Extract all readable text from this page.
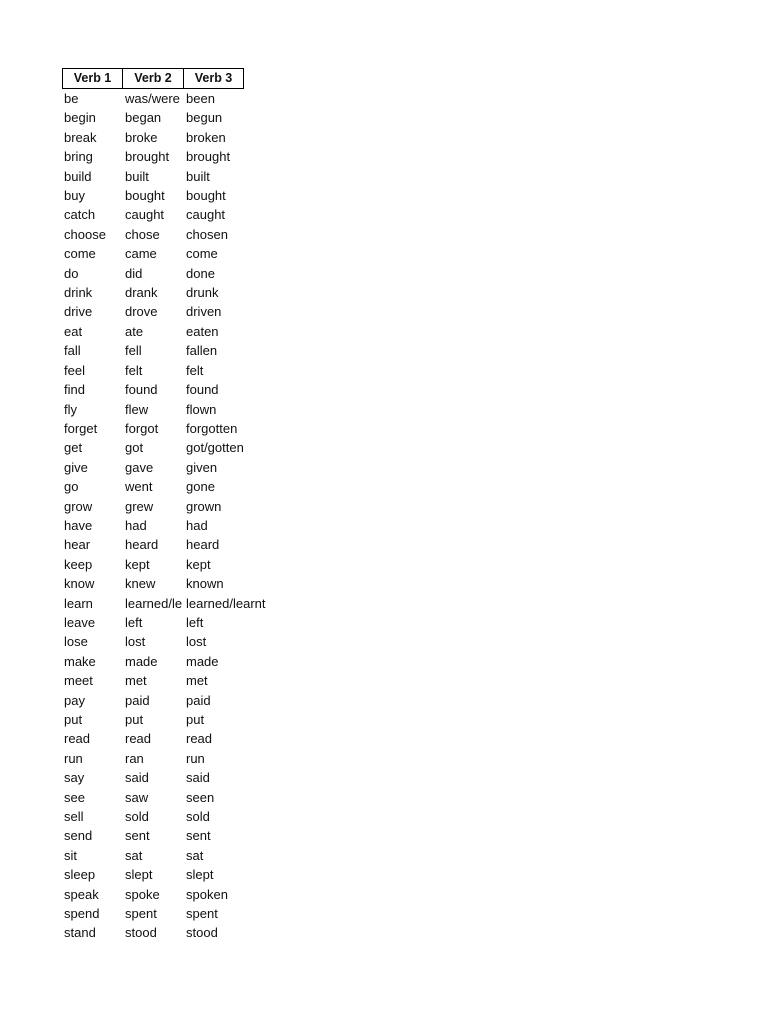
Verb 1	Verb 2	Verb 3
be	was/were been
begin	began	begun
break	broke	broken
bring	brought	brought
build	built	built
buy	bought	bought
catch	caught	caught
choose	chose	chosen
come	came	come
do	did	done
drink	drank	drunk
drive	drove	driven
eat	ate	eaten
fall	fell	fallen
feel	felt	felt
find	found	found
fly	flew	flown
forget	forgot	forgotten
get	got	got/gotten
give	gave	given
go	went	gone
grow	grew	grown
have	had	had
hear	heard	heard
keep	kept	kept
know	knew	known
learn	learned/le learned/learnt
leave	left	left
lose	lost	lost
make	made	made
meet	met	met
pay	paid	paid
put	put	put
read	read	read
run	ran	run
say	said	said
see	saw	seen
sell	sold	sold
send	sent	sent
sit	sat	sat
sleep	slept	slept
speak	spoke	spoken
spend	spent	spent
stand	stood	stood
